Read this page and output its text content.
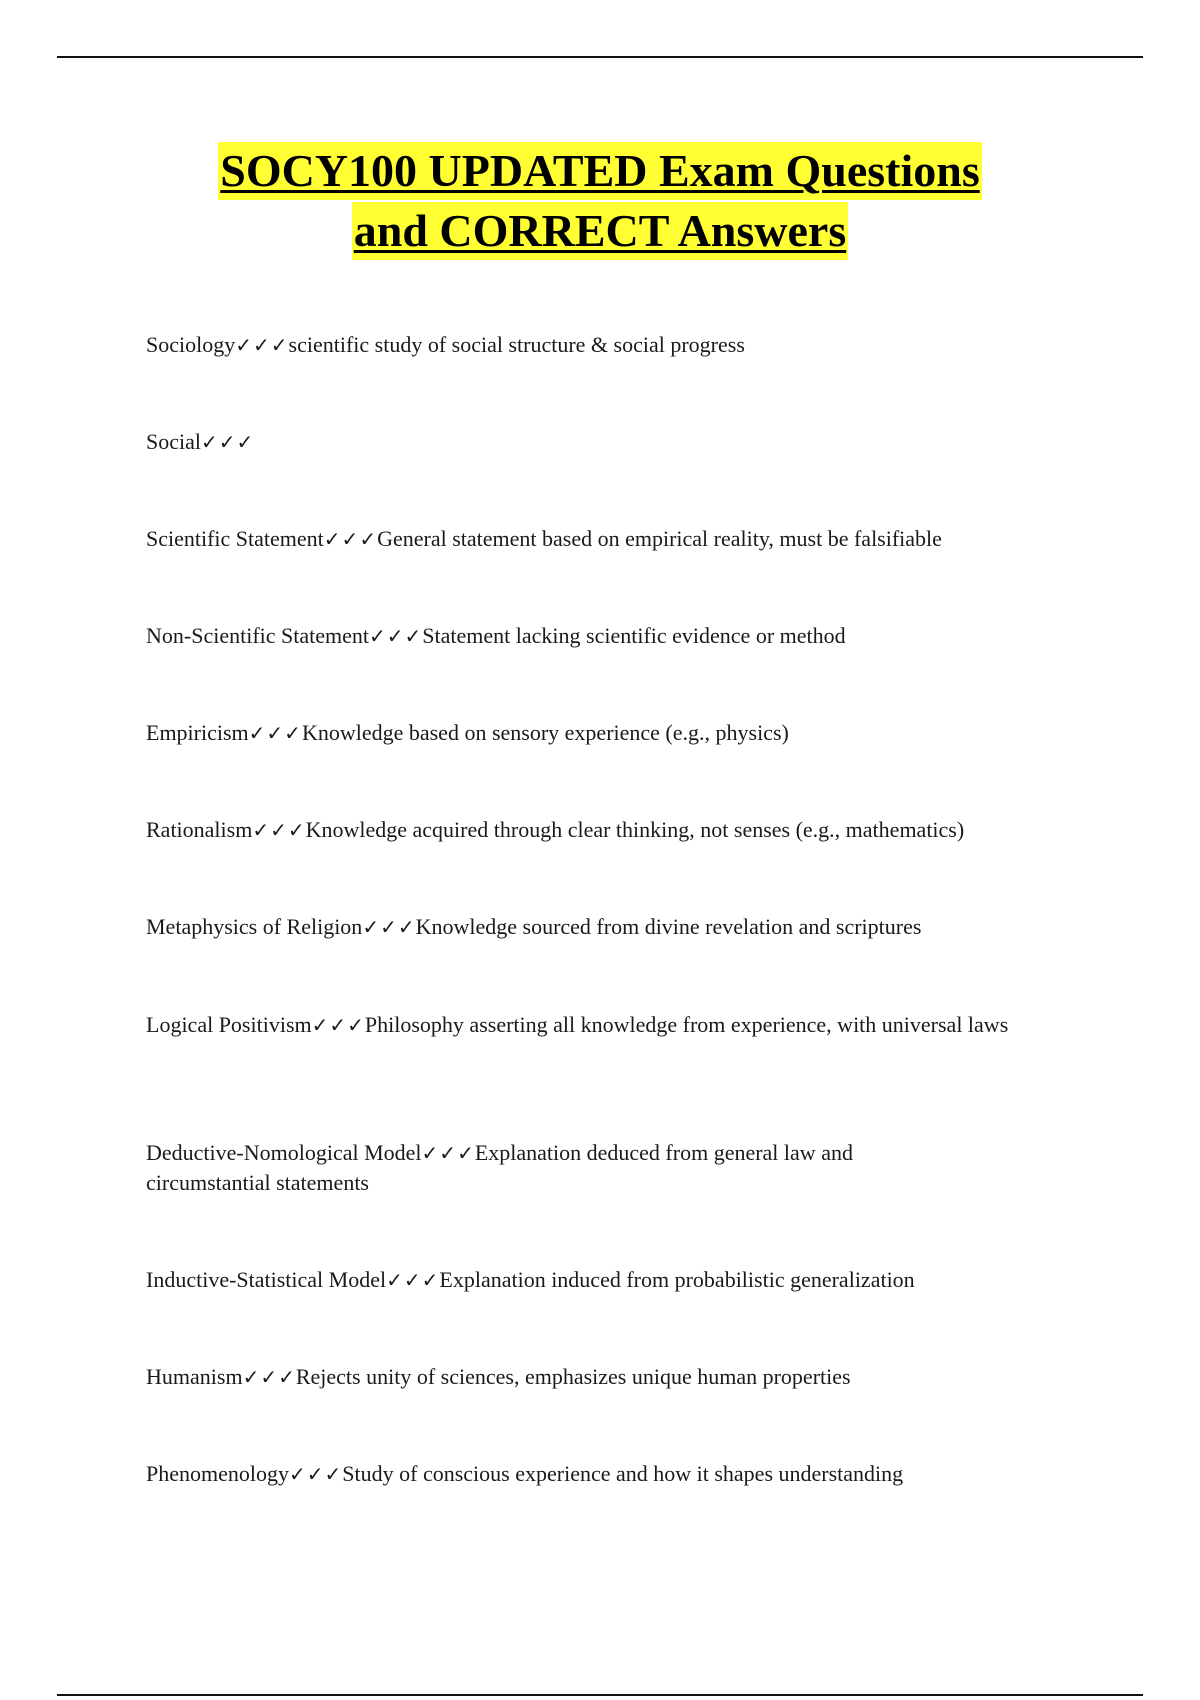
SOCY100 UPDATED Exam Questions
and CORRECT Answers
Sociology✓✓✓scientific study of social structure & social progress
Social✓✓✓
Scientific Statement✓✓✓General statement based on empirical reality, must be falsifiable
Non-Scientific Statement✓✓✓Statement lacking scientific evidence or method
Empiricism✓✓✓Knowledge based on sensory experience (e.g., physics)
Rationalism✓✓✓Knowledge acquired through clear thinking, not senses (e.g., mathematics)
Metaphysics of Religion✓✓✓Knowledge sourced from divine revelation and scriptures
Logical Positivism✓✓✓Philosophy asserting all knowledge from experience, with universal laws
Deductive-Nomological Model✓✓✓Explanation deduced from general law and circumstantial statements
Inductive-Statistical Model✓✓✓Explanation induced from probabilistic generalization
Humanism✓✓✓Rejects unity of sciences, emphasizes unique human properties
Phenomenology✓✓✓Study of conscious experience and how it shapes understanding
